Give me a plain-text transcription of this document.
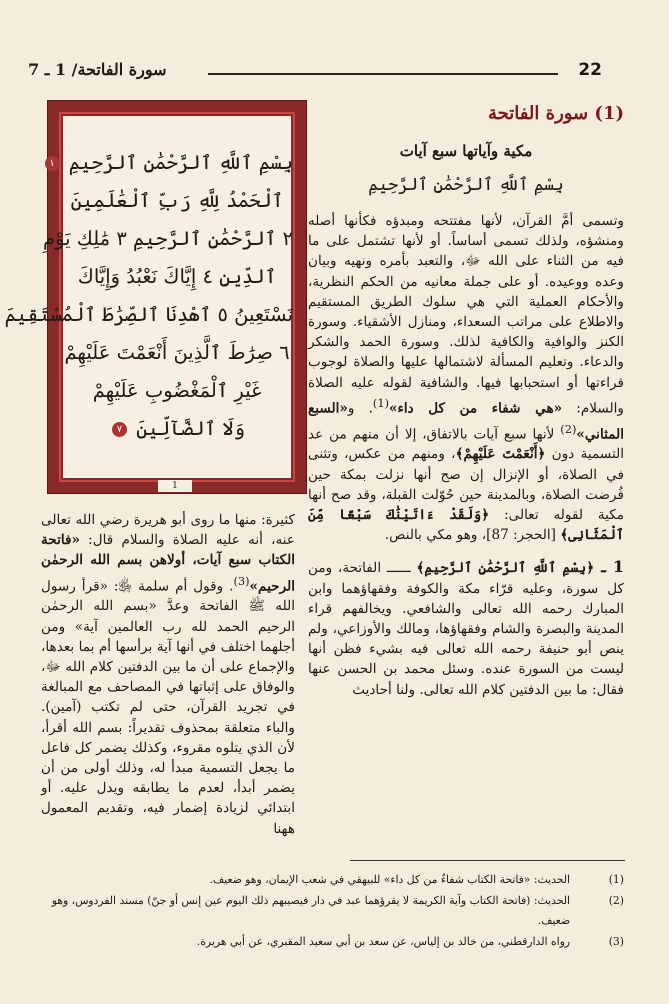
22
سورة الفاتحة/ 1 ـ 7
(1) سورة الفاتحة
مكية وآياتها سبع آيات
بِسْمِ ٱللَّهِ ٱلرَّحْمَٰنِ ٱلرَّحِيمِ

وتسمى أمَّ القرآن، لأنها مفتتحه ومبدؤه فكأنها أصله ومنشؤه، ولذلك تسمى أساساً. أو لأنها تشتمل على ما فيه من الثناء على الله ﷻ، والتعبد بأمره ونهيه وبيان وعده ووعيده. أو على جملة معانيه من الحكم النظرية، والأحكام العملية التي هي سلوك الطريق المستقيم والاطلاع على مراتب السعداء، ومنازل الأشقياء. وسورة الكنز والوافية والكافية لذلك. وسورة الحمد والشكر والدعاء. وتعليم المسألة لاشتمالها عليها والصلاة لوجوب قراءتها أو استحبابها فيها. والشافية لقوله عليه الصلاة والسلام: «هي شفاء من كل داء»$^{(1)}$. و«السبع المثاني»$^{(2)}$ لأنها سبع آيات بالاتفاق، إلا أن منهم من عد التسمية دون ﴿أَنْعَمْتَ عَلَيْهِمْ﴾، ومنهم من عكس، وتثنى في الصلاة، أو الإنزال إن صح أنها نزلت بمكة حين فُرضت الصلاة، وبالمدينة حين حُوّلت القبلة، وقد صح أنها مكية لقوله تعالى: ﴿وَلَقَدْ ءَاتَيْنَٰكَ سَبْعًا مِّنَ ٱلْمَثَانِى﴾ [الحجر: 87]، وهو مكي بالنص.

1 ـ ﴿بِسْمِ ٱللَّهِ ٱلرَّحْمَٰنِ ٱلرَّحِيمِ﴾ ــــــ الفاتحة، ومن كل سورة، وعليه قرّاء مكة والكوفة وفقهاؤهما وابن المبارك رحمه الله تعالى والشافعي. ويخالفهم قراء المدينة والبصرة والشام وفقهاؤها، ومالك والأوزاعي، ولم ينص أبو حنيفة رحمه الله تعالى فيه بشيء فظن أنها ليست من السورة عنده. وسئل محمد بن الحسن عنها فقال: ما بين الدفتين كلام الله تعالى. ولنا أحاديث

بِسْمِ ٱللَّهِ ٱلرَّحْمَٰنِ ٱلرَّحِيمِ ١
ٱلْحَمْدُ لِلَّهِ رَبِّ ٱلْعَٰلَمِينَ
٢ ٱلرَّحْمَٰنِ ٱلرَّحِيمِ ٣ مَٰلِكِ يَوْمِ
ٱلدِّينِ ٤ إِيَّاكَ نَعْبُدُ وَإِيَّاكَ
نَسْتَعِينُ ٥ ٱهْدِنَا ٱلصِّرَٰطَ ٱلْمُسْتَقِيمَ
٦ صِرَٰطَ ٱلَّذِينَ أَنْعَمْتَ عَلَيْهِمْ
غَيْرِ ٱلْمَغْضُوبِ عَلَيْهِمْ
وَلَا ٱلضَّآلِّينَ ٧
1
كثيرة: منها ما روى أبو هريرة رضي الله تعالى عنه، أنه عليه الصلاة والسلام قال: «فاتحة الكتاب سبع آيات، أولاهن بسم الله الرحمٰن الرحيم»$^{(3)}$. وقول أم سلمة ﵂: «قرأ رسول الله ﷺ الفاتحة وعدَّ «بسم الله الرحمٰن الرحيم الحمد لله رب العالمين آية» ومن أجلهما اختلف في أنها آية برأسها أم بما بعدها، والإجماع على أن ما بين الدفتين كلام الله ﷻ، والوفاق على إثباتها في المصاحف مع المبالغة في تجريد القرآن، حتى لم تكتب (آمين). والباء متعلقة بمحذوف تقديراً: بسم الله أقرأ، لأن الذي يتلوه مقروء، وكذلك يضمر كل فاعل ما يجعل التسمية مبدأ له، وذلك أولى من أن يضمر أبدأ، لعدم ما يطابقه ويدل عليه. أو ابتدائي لزيادة إضمار فيه، وتقديم المعمول ههنا
(1)
الحديث: «فاتحة الكتاب شفاءٌ من كل داء» للبيهقي في شعب الإيمان، وهو ضعيف.
(2)
الحديث: (فاتحة الكتاب وآية الكريمة لا يقرؤهما عبد في دار فيصيبهم ذلك اليوم عين إنس أو جنّ) مسند الفردوس، وهو ضعيف.
(3)
رواه الدارقطني، من خالد بن إلياس، عن سعد بن أبي سعيد المقبري، عن أبي هريرة.
